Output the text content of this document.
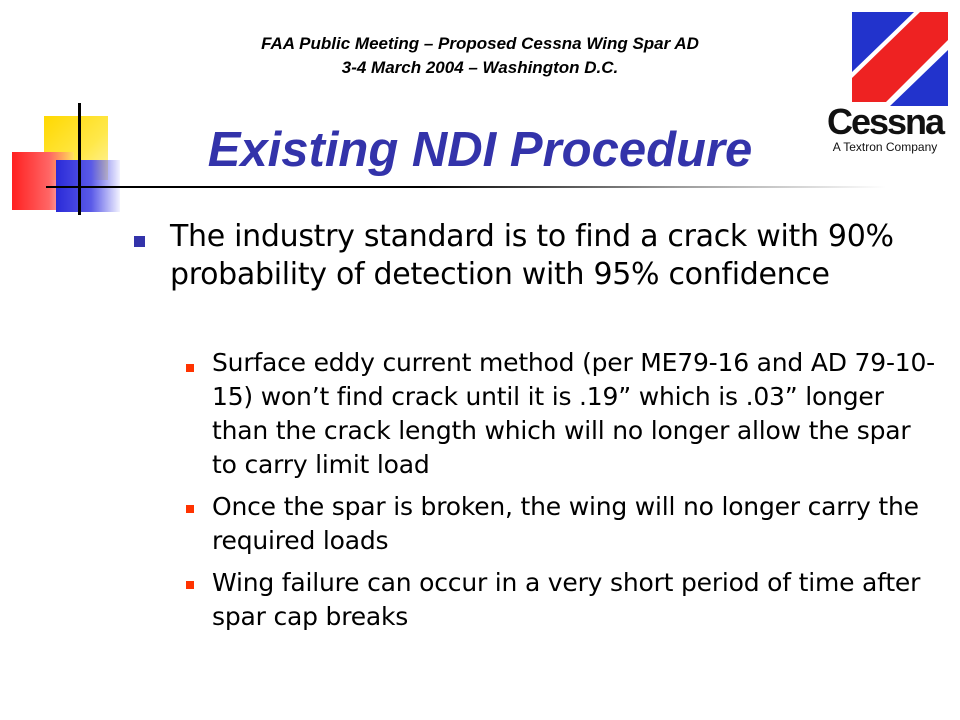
FAA Public Meeting – Proposed Cessna Wing Spar AD
3-4 March 2004 – Washington D.C.
Existing NDI Procedure
Cessna
A Textron Company
The industry standard is to find a crack with 90% probability of detection with 95% confidence
Surface eddy current method (per ME79-16 and AD 79-10-15) won’t find crack until it is .19” which is .03” longer than the crack length which will no longer allow the spar to carry limit load
Once the spar is broken, the wing will no longer carry the required loads
Wing failure can occur in a very short period of time after spar cap breaks
